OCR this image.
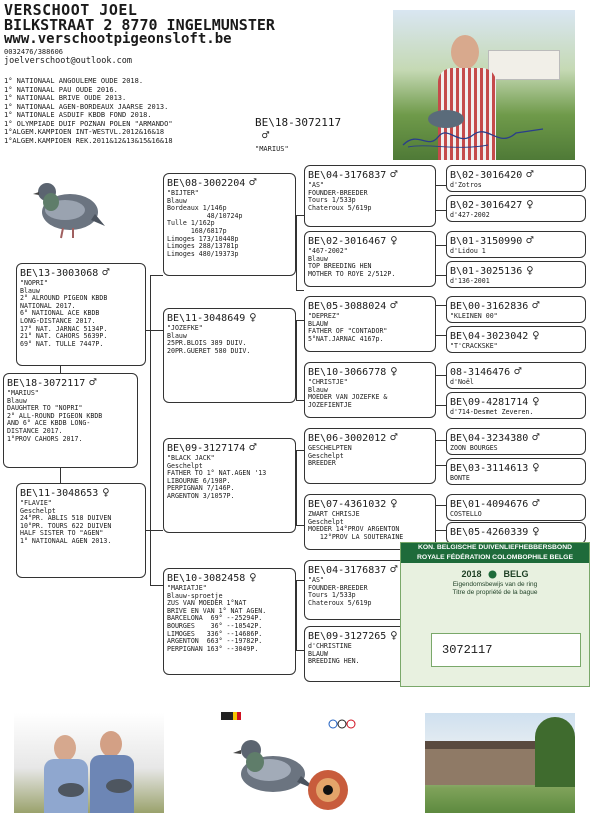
VERSCHOOT JOEL
BILKSTRAAT 2 8770 INGELMUNSTER
www.verschootpigeonsloft.be
0032476/388606
joelverschoot@outlook.com
1° NATIONAAL ANGOULEME OUDE 2018.
1° NATIONAAL PAU OUDE 2016.
1° NATIONAAL BRIVE OUDE 2013.
1° NATIONAAL AGEN-BORDEAUX JAARSE 2013.
1° NATIONALE ASDUIF KBDB FOND 2018.
1° OLYMPIADE DUIF POZNAN POLEN "ARMANDO"
1°ALGEM.KAMPIOEN INT-WESTVL.2012&16&18
1°ALGEM.KAMPIOEN REK.2011&12&13&15&16&18
BE\18-3072117
♂
"MARIUS"
BE\13-3003068 ♂
"NOPRI"
Blauw
2° ALROUND PIGEON KBDB
NATIONAL 2017.
6° NATIONAL ACE KBDB
LONG-DISTANCE 2017.
17° NAT. JARNAC 5134P.
21° NAT. CAHORS 5639P.
69° NAT. TULLE 7447P.
BE\18-3072117 ♂
"MARIUS"
Blauw
DAUGHTER TO "NOPRI"
2° ALL-ROUND PIGEON KBDB
AND 6° ACE KBDB LONG-
DISTANCE 2017.
1°PROV CAHORS 2017.
BE\11-3048653 ♀
"FLAVIE"
Geschelpt
24°PR. ABLIS 518 DUIVEN
10°PR. TOURS 622 DUIVEN
HALF SISTER TO "AGEN"
1° NATIONAAL AGEN 2013.
BE\08-3002204 ♂
"BIJTER"
Blauw
Bordeaux 1/146p
48/10724p
Tulle 1/162p
168/6817p
Limoges 173/10448p
Limoges 288/13781p
Limoges 480/19373p
BE\11-3048649 ♀
"JOZEFKE"
Blauw
25PR.BLOIS 389 DUIV.
20PR.GUERET 580 DUIV.
BE\09-3127174 ♂
"BLACK JACK"
Geschelpt
FATHER TO 1° NAT.AGEN '13
LIBOURNE 6/198P.
PERPIGNAN 7/146P.
ARGENTON 3/1057P.
BE\10-3082458 ♀
"MARIATJE"
Blauw-sproetje
ZUS VAN MOEDER 1°NAT
BRIVE EN VAN 1° NAT AGEN.
BARCELONA  69° --25294P.
BOURGES    36° --10542P.
LIMOGES   336° --14686P.
ARGENTON  663° --19782P.
PERPIGNAN 163° --3049P.
BE\04-3176837 ♂
"AS"
FOUNDER-BREEDER
Tours 1/533p
Chateroux 5/619p
BE\02-3016467 ♀
"467-2002"
Blauw
TOP BREEDING HEN
MOTHER TO ROYE 2/512P.
BE\05-3088024 ♂
"DEPREZ"
BLAUW
FATHER OF "CONTADOR"
5°NAT.JARNAC 4167p.
BE\10-3066778 ♀
"CHRISTJE"
Blauw
MOEDER VAN JOZEFKE &
JOZEFIENTJE
BE\06-3002012 ♂
GESCHELPTEN
Geschelpt
BREEDER
BE\07-4361032 ♀
ZWART CHRISJE
Geschelpt
MOEDER 14°PROV ARGENTON
12°PROV LA SOUTERAINE
BE\04-3176837 ♂
"AS"
FOUNDER-BREEDER
Tours 1/533p
Chateroux 5/619p
BE\09-3127265 ♀
d'CHRISTINE
BLAUW
BREEDING HEN.
B\02-3016420 ♂
d'Zotros
B\02-3016427 ♀
d'427-2002
B\01-3150990 ♂
d'Lidou 1
B\01-3025136 ♀
d'136-2001
BE\00-3162836 ♂
"KLEINEN 00"
BE\04-3023042 ♀
"T'CRACKSKE"
08-3146476 ♂
d'Noël
BE\09-4281714 ♀
d'714-Desmet Zeveren.
BE\04-3234380 ♂
ZOON BOURGES
BE\03-3114613 ♀
BONTE
BE\01-4094676 ♂
COSTELLO
BE\05-4260339 ♀
KON. BELGISCHE DUIVENLIEFHEBBERSBOND
ROYALE FÉDÉRATION COLOMBOPHILE BELGE
2018 BELG
Eigendomsbewijs van de ring
Titre de propriété de la bague
3072117
